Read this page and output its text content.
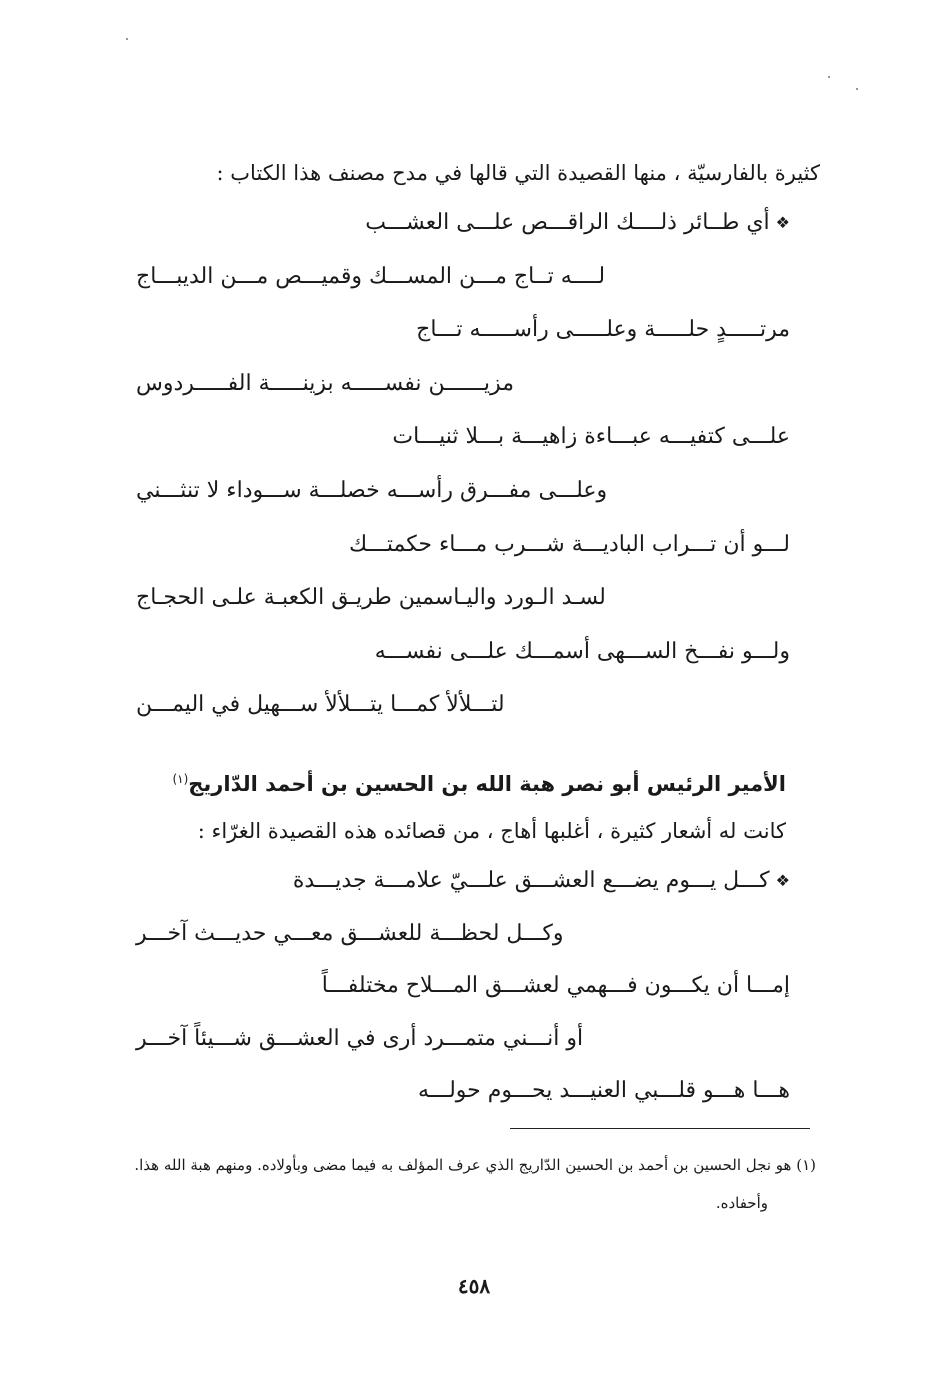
كثيرة بالفارسيّة ، منها القصيدة التي قالها في مدح مصنف هذا الكتاب :
❖أي طــائر ذلــــك الراقـــص علـــى العشـــب
لــــه تــاج مـــن المســـك وقميـــص مـــن الديبـــاج
مرتـــــدٍ حلـــــة وعلـــــى رأســـــه تـــاج
مزيــــــن نفســـــه بزينـــــة الفـــــردوس
علـــى كتفيـــه عبـــاءة زاهيـــة بـــلا ثنيـــات
وعلـــى مفـــرق رأســـه خصلـــة ســـوداء لا تنثـــني
لـــو أن تـــراب الباديـــة شـــرب مـــاء حكمتـــك
لسـد الـورد واليـاسمين طريـق الكعبـة علـى الحجـاج
ولـــو نفـــخ الســـهى أسمـــك علـــى نفســـه
لتـــلألأ كمـــا يتـــلألأ ســـهيل في اليمـــن
الأمير الرئيس أبو نصر هبة الله بن الحسين بن أحمد الدّاريج$^{(١)}$
كانت له أشعار كثيرة ، أغلبها أهاج ، من قصائده هذه القصيدة الغرّاء :
❖كـــل يـــوم يضـــع العشـــق علـــيّ علامـــة جديـــدة
وكـــل لحظـــة للعشـــق معـــي حديـــث آخـــر
إمـــا أن يكـــون فـــهمي لعشـــق المـــلاح مختلفـــاً
أو أنـــني متمـــرد أرى في العشـــق شـــيئاً آخـــر
هـــا هـــو قلـــبي العنيـــد يحـــوم حولـــه
(١) هو نجل الحسين بن أحمد بن الحسين الدّاريج الذي عرف المؤلف به فيما مضى وبأولاده. ومنهم هبة الله هذا.
وأحفاده.
٤٥٨
